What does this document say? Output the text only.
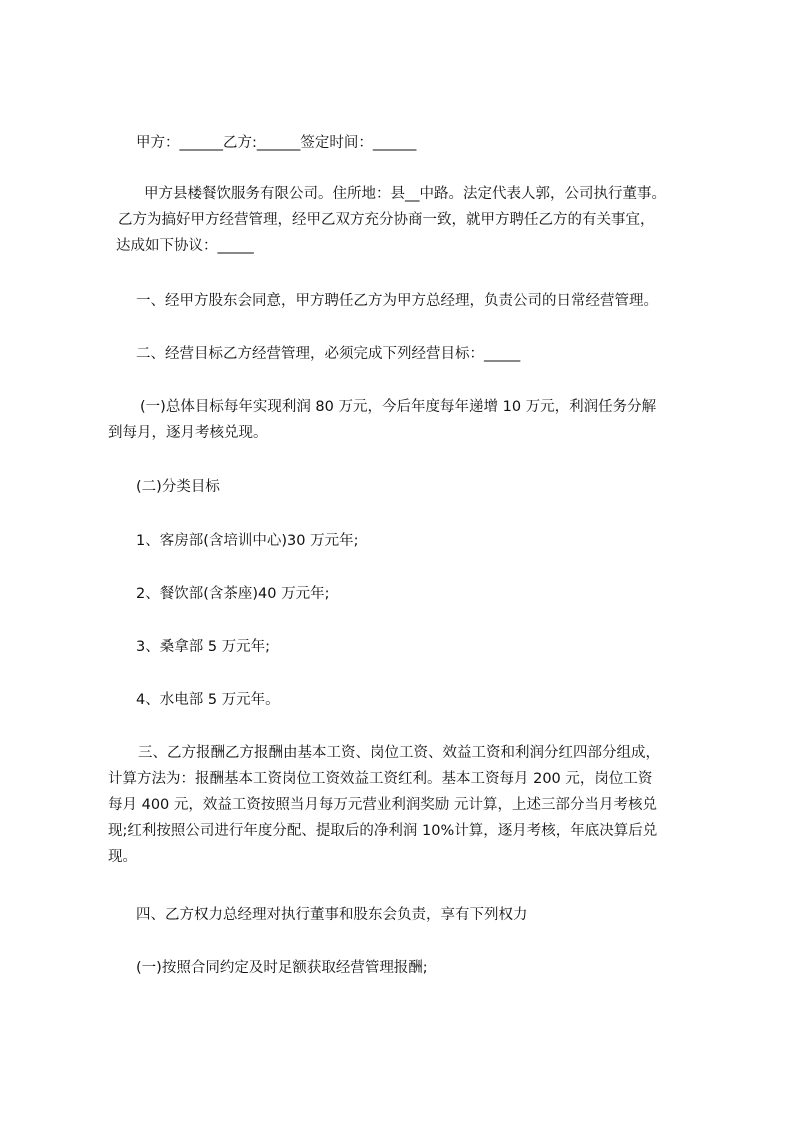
甲方：______乙方:______签定时间：______
甲方县楼餐饮服务有限公司。住所地：县__中路。法定代表人郭，公司执行董事。
乙方为搞好甲方经营管理，经甲乙双方充分协商一致，就甲方聘任乙方的有关事宜，
达成如下协议：_____
一、经甲方股东会同意，甲方聘任乙方为甲方总经理，负责公司的日常经营管理。
二、经营目标乙方经营管理，必须完成下列经营目标：_____
(一)总体目标每年实现利润 80 万元，今后年度每年递增 10 万元，利润任务分解
到每月，逐月考核兑现。
(二)分类目标
1、客房部(含培训中心)30 万元年;
2、餐饮部(含茶座)40 万元年;
3、桑拿部 5 万元年;
4、水电部 5 万元年。
三、乙方报酬乙方报酬由基本工资、岗位工资、效益工资和利润分红四部分组成，
计算方法为：报酬基本工资岗位工资效益工资红利。基本工资每月 200 元，岗位工资
每月 400 元，效益工资按照当月每万元营业利润奖励 元计算，上述三部分当月考核兑
现;红利按照公司进行年度分配、提取后的净利润 10%计算，逐月考核，年底决算后兑
现。
四、乙方权力总经理对执行董事和股东会负责，享有下列权力
(一)按照合同约定及时足额获取经营管理报酬;
